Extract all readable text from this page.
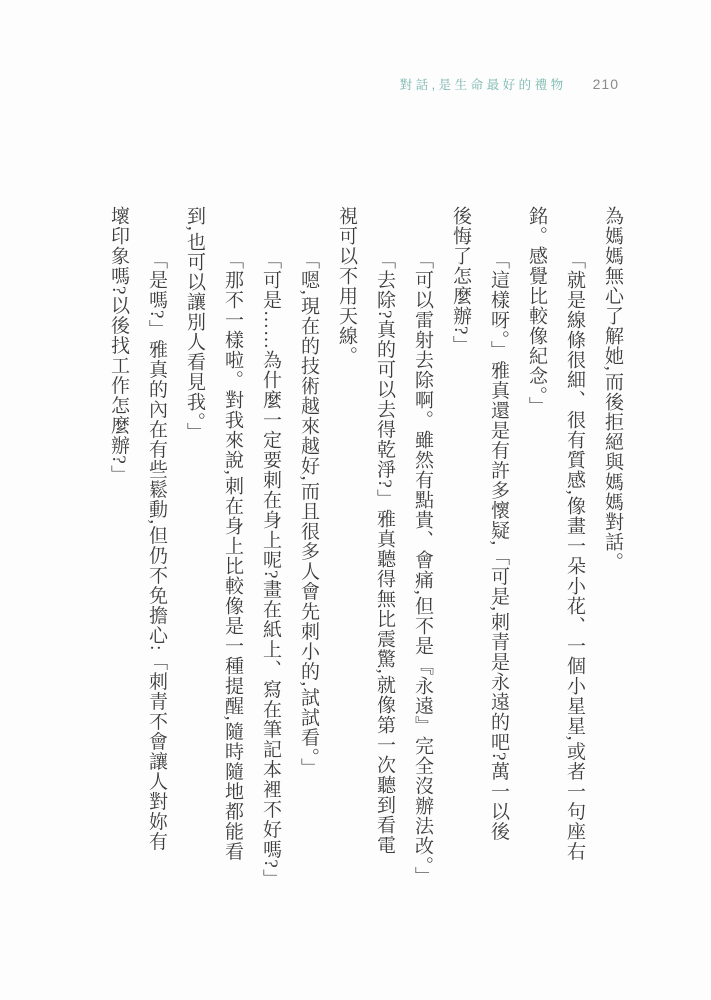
對話,是生命最好的禮物 210
為媽媽無心了解她,而後拒絕與媽媽對話。
「就是線條很細、很有質感,像畫一朵小花、一個小星星,或者一句座右
銘。感覺比較像紀念。」
「這樣呀。」雅真還是有許多懷疑,「可是,刺青是永遠的吧?萬一以後
後悔了怎麼辦?」
「可以雷射去除啊。雖然有點貴、會痛,但不是『永遠』完全沒辦法改。」
「去除?真的可以去得乾淨?」雅真聽得無比震驚,就像第一次聽到看電
視可以不用天線。
「嗯,現在的技術越來越好,而且很多人會先刺小的,試試看。」
「可是……為什麼一定要刺在身上呢?畫在紙上、寫在筆記本裡不好嗎?」
「那不一樣啦。對我來說,刺在身上比較像是一種提醒,隨時隨地都能看
到,也可以讓別人看見我。」
「是嗎?」雅真的內在有些鬆動,但仍不免擔心:「刺青不會讓人對妳有
壞印象嗎?以後找工作怎麼辦?」
